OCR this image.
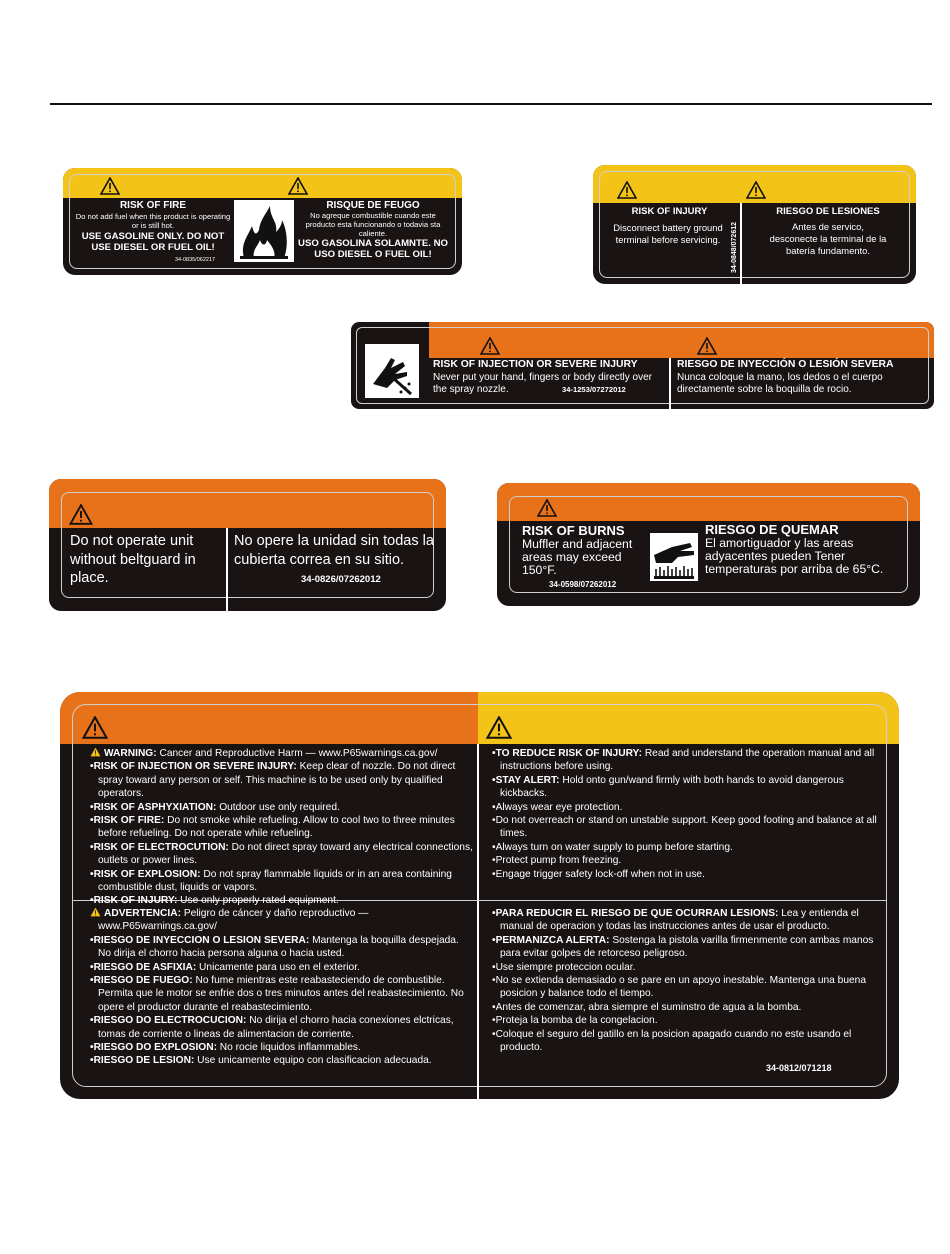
RISK OF FIRE
Do not add fuel when this product is operating or is still hot.
USE GASOLINE ONLY. DO NOT USE DIESEL OR FUEL OIL!
34-0835/062217
RISQUE DE FEUGO
No agreque combustible cuando este producto esta funcionando o todavia sta caliente.
USO GASOLINA SOLAMNTE. NO USO DIESEL O FUEL OIL!
RISK OF INJURY
Disconnect battery ground terminal before servicing.	34-0848/072612
RIESGO DE LESIONES
Antes de servico, desconecte la terminal de la batería fundamento.
RISK OF INJECTION OR SEVERE INJURY
Never put your hand, fingers or body directly over the spray nozzle.	34-1253/07272012
RIESGO DE INYECCIÓN O LESIÓN SEVERA
Nunca coloque la mano, los dedos o el cuerpo directamente sobre la boquilla de rocio.
Do not operate unit without beltguard in place.
No opere la unidad sin todas la cubierta correa en su sitio.
34-0826/07262012
RISK OF BURNS
Muffler and adjacent areas may exceed 150°F.
34-0598/07262012
RIESGO DE QUEMAR
El amortiguador y las areas adyacentes pueden Tener temperaturas por arriba de 65°C.
WARNING: Cancer and Reproductive Harm — www.P65warnings.ca.gov/
•RISK OF INJECTION OR SEVERE INJURY: Keep clear of nozzle. Do not direct spray toward any person or self. This machine is to be used only by qualified operators.
•RISK OF ASPHYXIATION: Outdoor use only required.
•RISK OF FIRE: Do not smoke while refueling. Allow to cool two to three minutes before refueling. Do not operate while refueling.
•RISK OF ELECTROCUTION: Do not direct spray toward any electrical connections, outlets or power lines.
•RISK OF EXPLOSION: Do not spray flammable liquids or in an area containing combustible dust, liquids or vapors.
•RISK OF INJURY: Use only properly rated equipment.
ADVERTENCIA: Peligro de cáncer y daño reproductivo — www.P65warnings.ca.gov/
•RIESGO DE INYECCION O LESION SEVERA: Mantenga la boquilla despejada. No dirija el chorro hacia persona alguna o hacia usted.
•RIESGO DE ASFIXIA: Unicamente para uso en el exterior.
•RIESGO DE FUEGO: No fume mientras este reabasteciendo de combustible. Permita que le motor se enfrie dos o tres minutos antes del reabastecimiento. No opere el productor durante el reabastecimiento.
•RIESGO DO ELECTROCUCION: No dirija el chorro hacia conexiones elctricas, tomas de corriente o lineas de alimentacion de corriente.
•RIESGO DO EXPLOSION: No rocie liquidos inflammables.
•RIESGO DE LESION: Use unicamente equipo con clasificacion adecuada.
•TO REDUCE RISK OF INJURY: Read and understand the operation manual and all instructions before using.
•STAY ALERT: Hold onto gun/wand firmly with both hands to avoid dangerous kickbacks.
•Always wear eye protection.
•Do not overreach or stand on unstable support. Keep good footing and balance at all times.
•Always turn on water supply to pump before starting.
•Protect pump from freezing.
•Engage trigger safety lock-off when not in use.
•PARA REDUCIR EL RIESGO DE QUE OCURRAN LESIONS: Lea y entienda el manual de operacion y todas las instrucciones antes de usar el producto.
•PERMANIZCA ALERTA: Sostenga la pistola varilla firmenmente con ambas manos para evitar golpes de retorceso peligroso.
•Use siempre proteccion ocular.
•No se extienda demasiado o se pare en un apoyo inestable. Mantenga una buena posicion y balance todo el tiempo.
•Antes de comenzar, abra siempre el suminstro de agua a la bomba.
•Proteja la bomba de la congelacion.
•Coloque el seguro del gatillo en la posicion apagado cuando no este usando el producto.
34-0812/071218
